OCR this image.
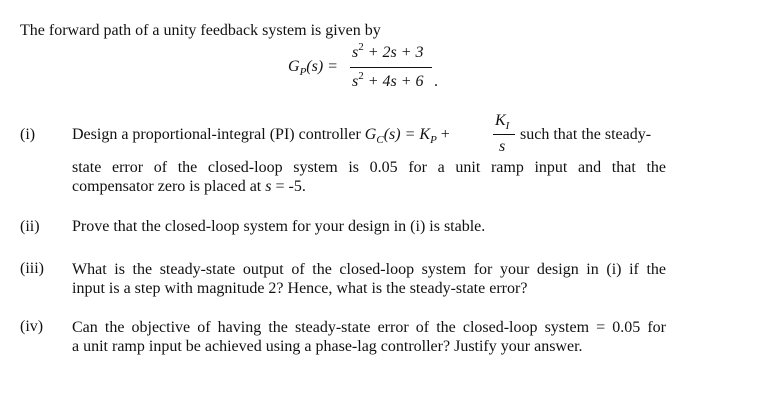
The forward path of a unity feedback system is given by
$G_P(s)$ =
$s^2 + 2s + 3$
$s^2 + 4s + 6$ .
(i) Design a proportional-integral (PI) controller $G_C(s) = K_P$ +
$K_I$
s
such that the steady-

state error of the closed-loop system is 0.05 for a unit ramp input and that the

compensator zero is placed at s = -5.

(ii) Prove that the closed-loop system for your design in (i) is stable.
(iii) What is the steady-state output of the closed-loop system for your design in (i) if the

input is a step with magnitude 2? Hence, what is the steady-state error?

(iv) Can the objective of having the steady-state error of the closed-loop system = 0.05 for

a unit ramp input be achieved using a phase-lag controller? Justify your answer.
